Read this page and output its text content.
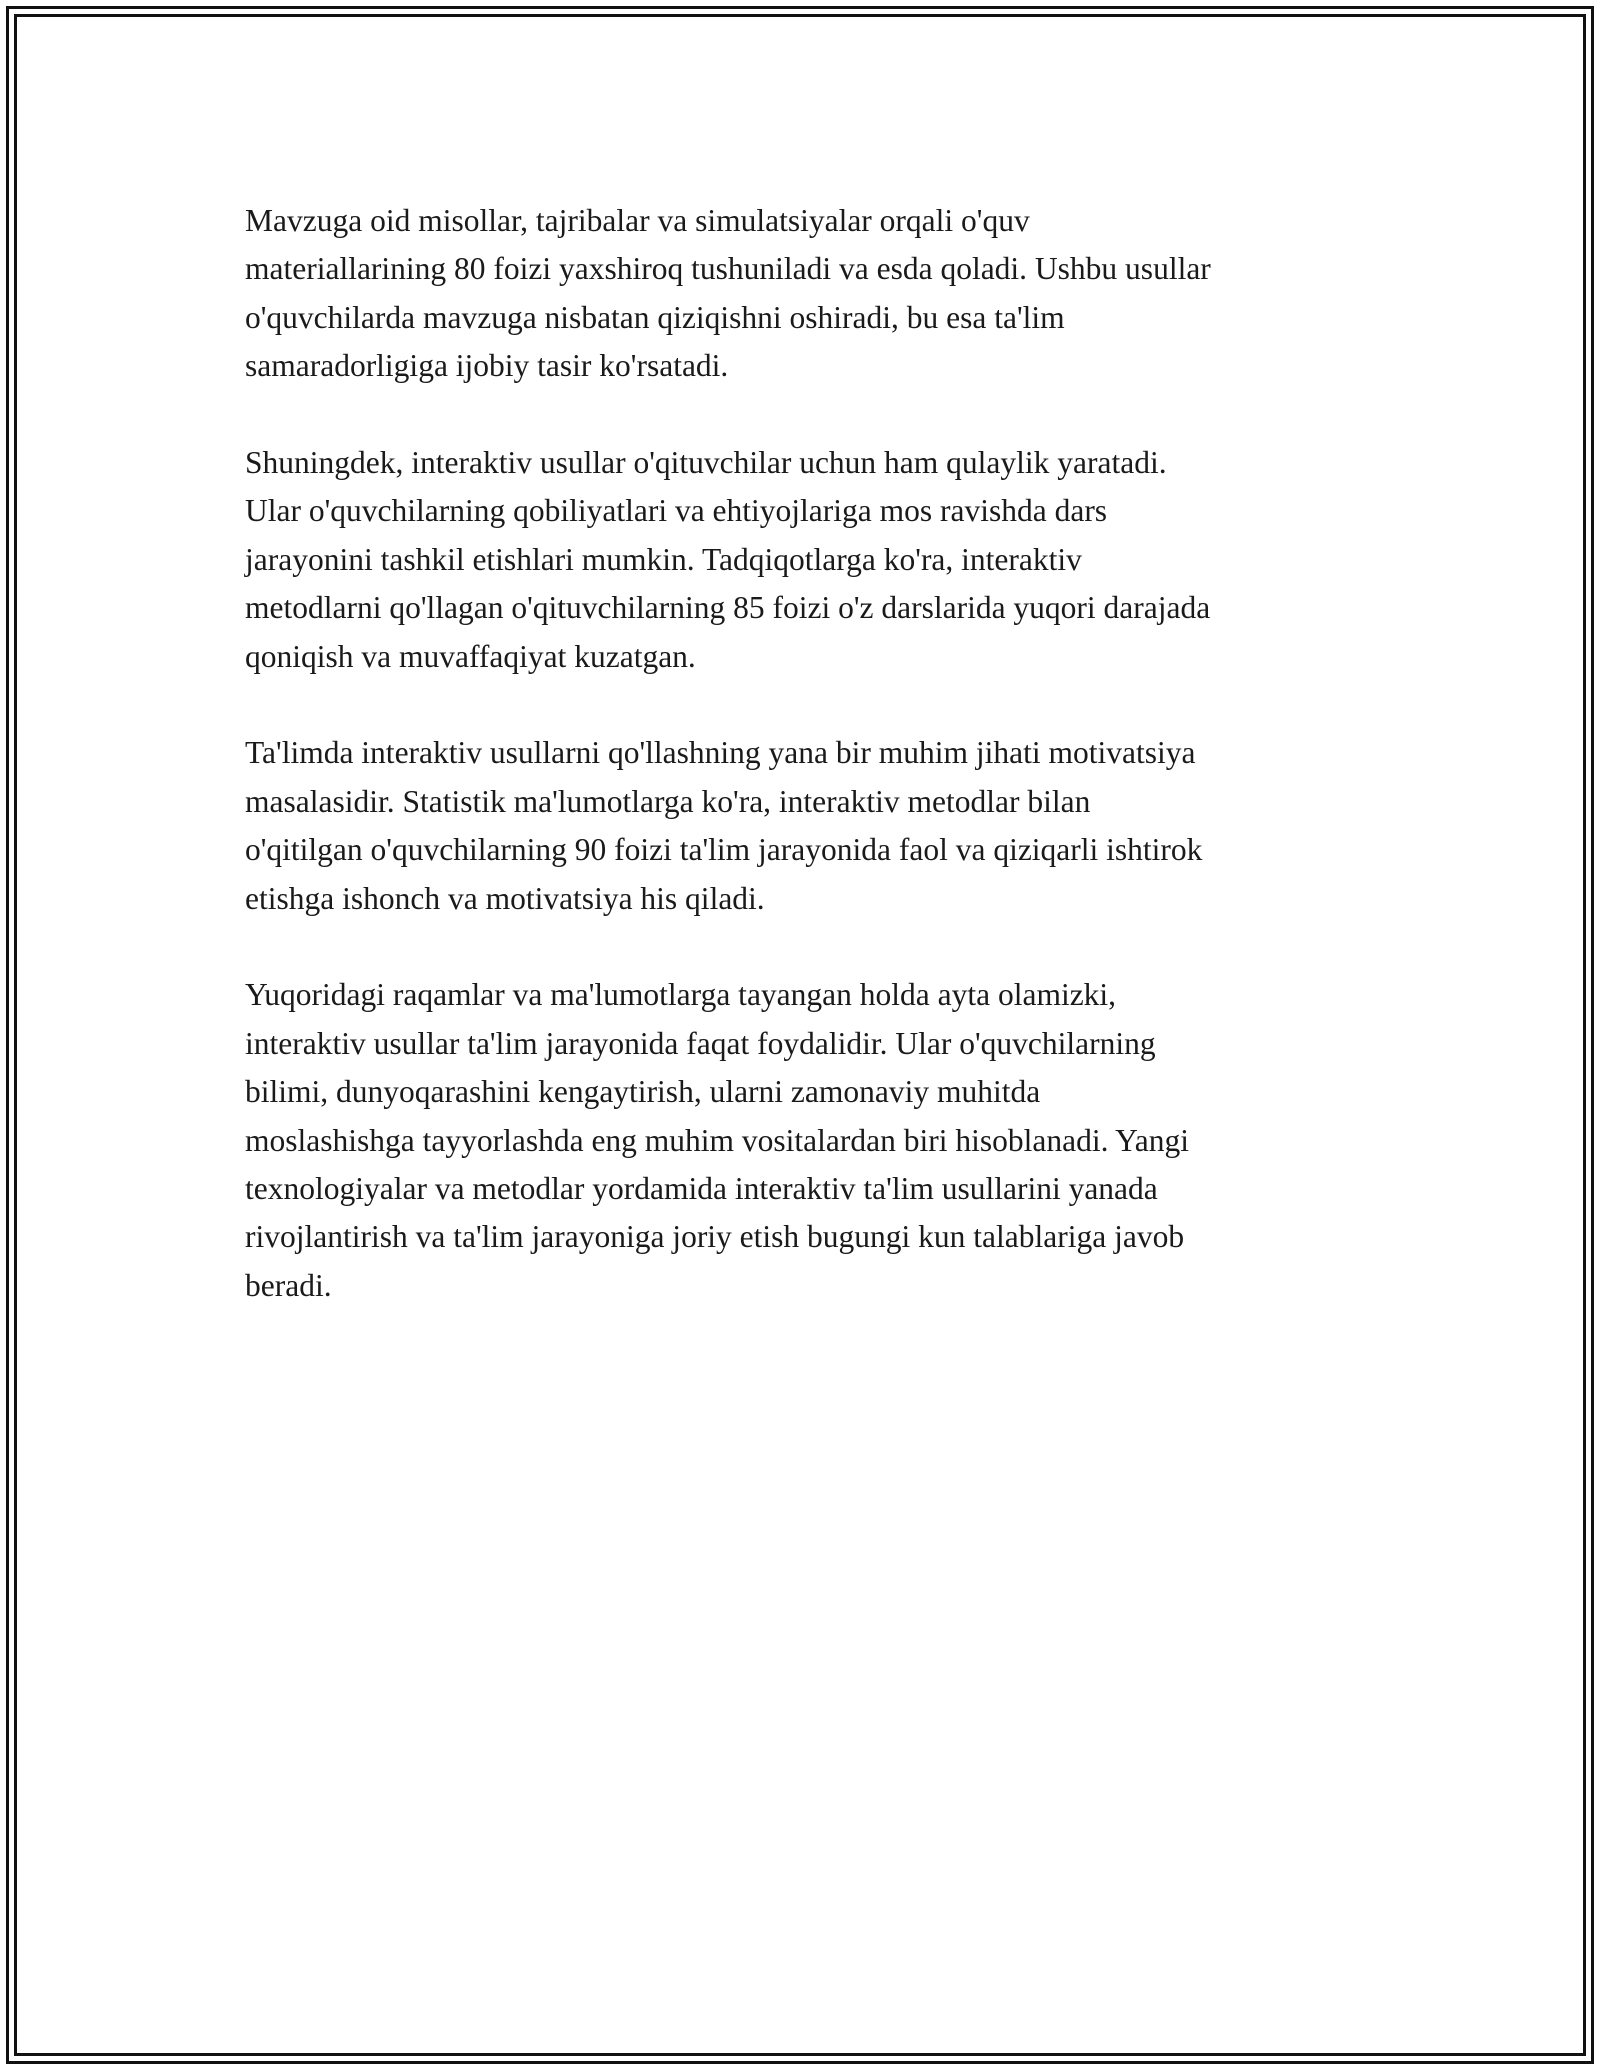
Mavzuga oid misollar, tajribalar va simulatsiyalar orqali o'quv
materiallarining 80 foizi yaxshiroq tushuniladi va esda qoladi. Ushbu usullar
o'quvchilarda mavzuga nisbatan qiziqishni oshiradi, bu esa ta'lim
samaradorligiga ijobiy tasir ko'rsatadi.

Shuningdek, interaktiv usullar o'qituvchilar uchun ham qulaylik yaratadi.
Ular o'quvchilarning qobiliyatlari va ehtiyojlariga mos ravishda dars
jarayonini tashkil etishlari mumkin. Tadqiqotlarga ko'ra, interaktiv
metodlarni qo'llagan o'qituvchilarning 85 foizi o'z darslarida yuqori darajada
qoniqish va muvaffaqiyat kuzatgan.

Ta'limda interaktiv usullarni qo'llashning yana bir muhim jihati motivatsiya
masalasidir. Statistik ma'lumotlarga ko'ra, interaktiv metodlar bilan
o'qitilgan o'quvchilarning 90 foizi ta'lim jarayonida faol va qiziqarli ishtirok
etishga ishonch va motivatsiya his qiladi.

Yuqoridagi raqamlar va ma'lumotlarga tayangan holda ayta olamizki,
interaktiv usullar ta'lim jarayonida faqat foydalidir. Ular o'quvchilarning
bilimi, dunyoqarashini kengaytirish, ularni zamonaviy muhitda
moslashishga tayyorlashda eng muhim vositalardan biri hisoblanadi. Yangi
texnologiyalar va metodlar yordamida interaktiv ta'lim usullarini yanada
rivojlantirish va ta'lim jarayoniga joriy etish bugungi kun talablariga javob
beradi.
